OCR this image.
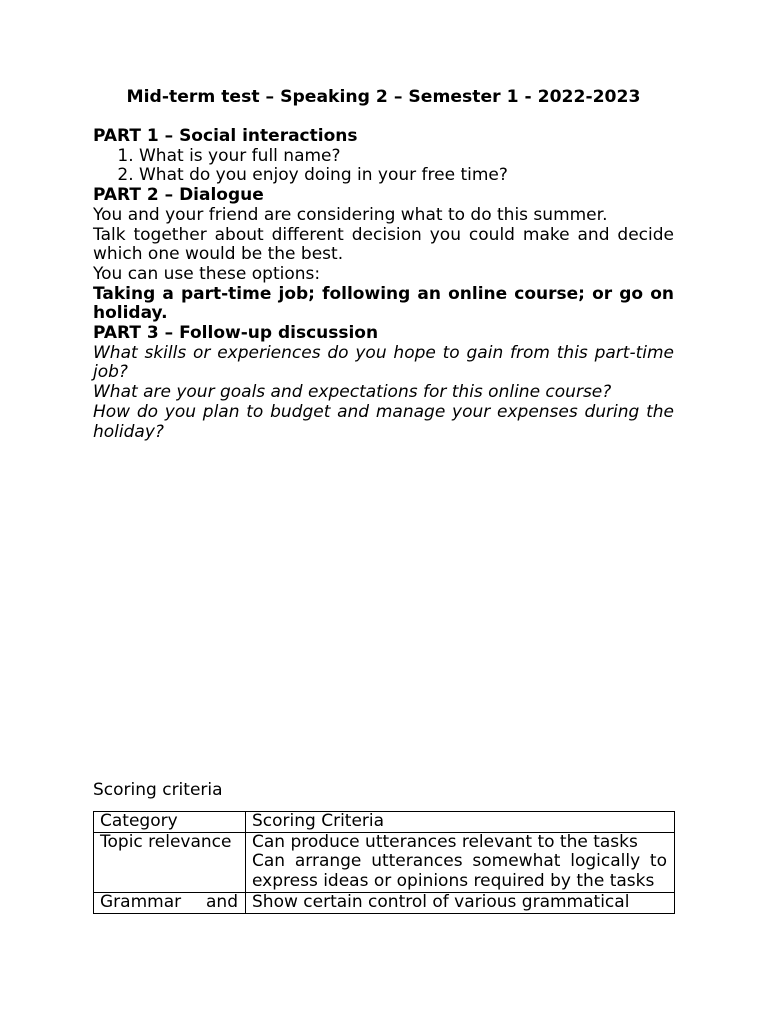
Mid-term test – Speaking 2 – Semester 1 - 2022-2023

PART 1 – Social interactions

1. What is your full name?
2. What do you enjoy doing in your free time?

PART 2 – Dialogue

You and your friend are considering what to do this summer.

Talk together about different decision you could make and decide which one would be the best.

You can use these options:

Taking a part-time job; following an online course; or go on holiday.

PART 3 – Follow-up discussion

What skills or experiences do you hope to gain from this part-time job?

What are your goals and expectations for this online course?

How do you plan to budget and manage your expenses during the holiday?

Scoring criteria
Category	Scoring Criteria
Topic relevance	Can produce utterances relevant to the tasks
Can arrange utterances somewhat logically to express ideas or opinions required by the tasks

Grammar and	Show certain control of various grammatical
